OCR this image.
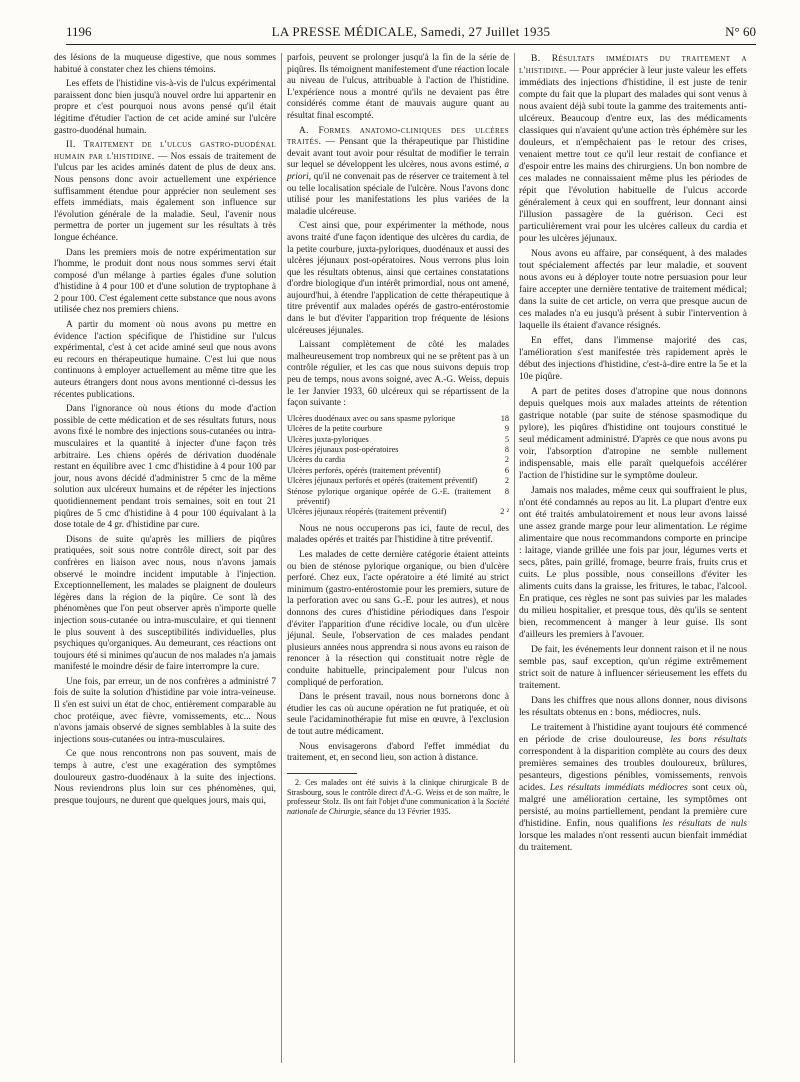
1196	LA PRESSE MÉDICALE, Samedi, 27 Juillet 1935	N° 60

des lésions de la muqueuse digestive, que nous sommes habitué à constater chez les chiens témoins.

Les effets de l'histidine vis-à-vis de l'ulcus expérimental paraissent donc bien jusqu'à nouvel ordre lui appartenir en propre et c'est pourquoi nous avons pensé qu'il était légitime d'étudier l'action de cet acide aminé sur l'ulcère gastro-duodénal humain.

II. Traitement de l'ulcus gastro-duodénal humain par l'histidine. — Nos essais de traitement de l'ulcus par les acides aminés datent de plus de deux ans. Nous pensons donc avoir actuellement une expérience suffisamment étendue pour apprécier non seulement ses effets immédiats, mais également son influence sur l'évolution générale de la maladie. Seul, l'avenir nous permettra de porter un jugement sur les résultats à très longue échéance.

Dans les premiers mois de notre expérimentation sur l'homme, le produit dont nous nous sommes servi était composé d'un mélange à parties égales d'une solution d'histidine à 4 pour 100 et d'une solution de tryptophane à 2 pour 100. C'est également cette substance que nous avons utilisée chez nos premiers chiens.

A partir du moment où nous avons pu mettre en évidence l'action spécifique de l'histidine sur l'ulcus expérimental, c'est à cet acide aminé seul que nous avons eu recours en thérapeutique humaine. C'est lui que nous continuons à employer actuellement au même titre que les auteurs étrangers dont nous avons mentionné ci-dessus les récentes publications.

Dans l'ignorance où nous étions du mode d'action possible de cette médication et de ses résultats futurs, nous avons fixé le nombre des injections sous-cutanées ou intra-musculaires et la quantité à injecter d'une façon très arbitraire. Les chiens opérés de dérivation duodénale restant en équilibre avec 1 cmc d'histidine à 4 pour 100 par jour, nous avons décidé d'administrer 5 cmc de la même solution aux ulcéreux humains et de répéter les injections quotidiennement pendant trois semaines, soit en tout 21 piqûres de 5 cmc d'histidine à 4 pour 100 équivalant à la dose totale de 4 gr. d'histidine par cure.

Disons de suite qu'après les milliers de piqûres pratiquées, soit sous notre contrôle direct, soit par des confrères en liaison avec nous, nous n'avons jamais observé le moindre incident imputable à l'injection. Exceptionnellement, les malades se plaignent de douleurs légères dans la région de la piqûre. Ce sont là des phénomènes que l'on peut observer après n'importe quelle injection sous-cutanée ou intra-musculaire, et qui tiennent le plus souvent à des susceptibilités individuelles, plus psychiques qu'organiques. Au demeurant, ces réactions ont toujours été si minimes qu'aucun de nos malades n'a jamais manifesté le moindre désir de faire interrompre la cure.

Une fois, par erreur, un de nos confrères a administré 7 fois de suite la solution d'histidine par voie intra-veineuse. Il s'en est suivi un état de choc, entièrement comparable au choc protéique, avec fièvre, vomissements, etc... Nous n'avons jamais observé de signes semblables à la suite des injections sous-cutanées ou intra-musculaires.

Ce que nous rencontrons non pas souvent, mais de temps à autre, c'est une exagération des symptômes douloureux gastro-duodénaux à la suite des injections. Nous reviendrons plus loin sur ces phénomènes, qui, presque toujours, ne durent que quelques jours, mais qui,

parfois, peuvent se prolonger jusqu'à la fin de la série de piqûres. Ils témoignent manifestement d'une réaction locale au niveau de l'ulcus, attribuable à l'action de l'histidine. L'expérience nous a montré qu'ils ne devaient pas être considérés comme étant de mauvais augure quant au résultat final escompté.

A. Formes anatomo-cliniques des ulcères traités. — Pensant que la thérapeutique par l'histidine devait avant tout avoir pour résultat de modifier le terrain sur lequel se développent les ulcères, nous avons estimé, a priori, qu'il ne convenait pas de réserver ce traitement à tel ou telle localisation spéciale de l'ulcère. Nous l'avons donc utilisé pour les manifestations les plus variées de la maladie ulcéreuse.

C'est ainsi que, pour expérimenter la méthode, nous avons traité d'une façon identique des ulcères du cardia, de la petite courbure, juxta-pyloriques, duodénaux et aussi des ulcères jéjunaux post-opératoires. Nous verrons plus loin que les résultats obtenus, ainsi que certaines constatations d'ordre biologique d'un intérêt primordial, nous ont amené, aujourd'hui, à étendre l'application de cette thérapeutique à titre préventif aux malades opérés de gastro-entérostomie dans le but d'éviter l'apparition trop fréquente de lésions ulcéreuses jéjunales.

Laissant complètement de côté les malades malheureusement trop nombreux qui ne se prêtent pas à un contrôle régulier, et les cas que nous suivons depuis trop peu de temps, nous avons soigné, avec A.-G. Weiss, depuis le 1er Janvier 1933, 60 ulcéreux qui se répartissent de la façon suivante :

Ulcères duodénaux avec ou sans spasme pylorique	18
Ulcères de la petite courbure	9
Ulcères juxta-pyloriques	5
Ulcères jéjunaux post-opératoires	8
Ulcères du cardia	2
Ulcères perforés, opérés (traitement préventif)	6
Ulcères jéjunaux perforés et opérés (traitement préventif)	2
Sténose pylorique organique opérée de G.-E. (traitement préventif)
8
Ulcères jéjunaux réopérés (traitement préventif)	2 ²

Nous ne nous occuperons pas ici, faute de recul, des malades opérés et traités par l'histidine à titre préventif.

Les malades de cette dernière catégorie étaient atteints ou bien de sténose pylorique organique, ou bien d'ulcère perforé. Chez eux, l'acte opératoire a été limité au strict minimum (gastro-entérostomie pour les premiers, suture de la perforation avec ou sans G.-E. pour les autres), et nous donnons des cures d'histidine périodiques dans l'espoir d'éviter l'apparition d'une récidive locale, ou d'un ulcère jéjunal. Seule, l'observation de ces malades pendant plusieurs années nous apprendra si nous avons eu raison de renoncer à la résection qui constituait notre règle de conduite habituelle, principalement pour l'ulcus non compliqué de perforation.

Dans le présent travail, nous nous bornerons donc à étudier les cas où aucune opération ne fut pratiquée, et où seule l'acidaminothérapie fut mise en œuvre, à l'exclusion de tout autre médicament.

Nous envisagerons d'abord l'effet immédiat du traitement, et, en second lieu, son action à distance.

2. Ces malades ont été suivis à la clinique chirurgicale B de Strasbourg, sous le contrôle direct d'A.-G. Weiss et de son maître, le professeur Stolz. Ils ont fait l'objet d'une communication à la Société nationale de Chirurgie, séance du 13 Février 1935.

B. Résultats immédiats du traitement a l'histidine. — Pour apprécier à leur juste valeur les effets immédiats des injections d'histidine, il est juste de tenir compte du fait que la plupart des malades qui sont venus à nous avaient déjà subi toute la gamme des traitements anti-ulcéreux. Beaucoup d'entre eux, las des médicaments classiques qui n'avaient qu'une action très éphémère sur les douleurs, et n'empêchaient pas le retour des crises, venaient mettre tout ce qu'il leur restait de confiance et d'espoir entre les mains des chirurgiens. Un bon nombre de ces malades ne connaissaient même plus les périodes de répit que l'évolution habituelle de l'ulcus accorde généralement à ceux qui en souffrent, leur donnant ainsi l'illusion passagère de la guérison. Ceci est particulièrement vrai pour les ulcères calleux du cardia et pour les ulcères jéjunaux.

Nous avons eu affaire, par conséquent, à des malades tout spécialement affectés par leur maladie, et souvent nous avons eu à déployer toute notre persuasion pour leur faire accepter une dernière tentative de traitement médical; dans la suite de cet article, on verra que presque aucun de ces malades n'a eu jusqu'à présent à subir l'intervention à laquelle ils étaient d'avance résignés.

En effet, dans l'immense majorité des cas, l'amélioration s'est manifestée très rapidement après le début des injections d'histidine, c'est-à-dire entre la 5e et la 10e piqûre.

A part de petites doses d'atropine que nous donnons depuis quelques mois aux malades atteints de rétention gastrique notable (par suite de sténose spasmodique du pylore), les piqûres d'histidine ont toujours constitué le seul médicament administré. D'après ce que nous avons pu voir, l'absorption d'atropine ne semble nullement indispensable, mais elle paraît quelquefois accélérer l'action de l'histidine sur le symptôme douleur.

Jamais nos malades, même ceux qui souffraient le plus, n'ont été condamnés au repos au lit. La plupart d'entre eux ont été traités ambulatoirement et nous leur avons laissé une assez grande marge pour leur alimentation. Le régime alimentaire que nous recommandons comporte en principe : laitage, viande grillée une fois par jour, légumes verts et secs, pâtes, pain grillé, fromage, beurre frais, fruits crus et cuits. Le plus possible, nous conseillons d'éviter les aliments cuits dans la graisse, les fritures, le tabac, l'alcool. En pratique, ces règles ne sont pas suivies par les malades du milieu hospitalier, et presque tous, dès qu'ils se sentent bien, recommencent à manger à leur guise. Ils sont d'ailleurs les premiers à l'avouer.

De fait, les événements leur donnent raison et il ne nous semble pas, sauf exception, qu'un régime extrêmement strict soit de nature à influencer sérieusement les effets du traitement.

Dans les chiffres que nous allons donner, nous divisons les résultats obtenus en : bons, médiocres, nuls.

Le traitement à l'histidine ayant toujours été commencé en période de crise douloureuse, les bons résultats correspondent à la disparition complète au cours des deux premières semaines des troubles douloureux, brûlures, pesanteurs, digestions pénibles, vomissements, renvois acides. Les résultats immédiats médiocres sont ceux où, malgré une amélioration certaine, les symptômes ont persisté, au moins partiellement, pendant la première cure d'histidine. Enfin, nous qualifions les résultats de nuls lorsque les malades n'ont ressenti aucun bienfait immédiat du traitement.
